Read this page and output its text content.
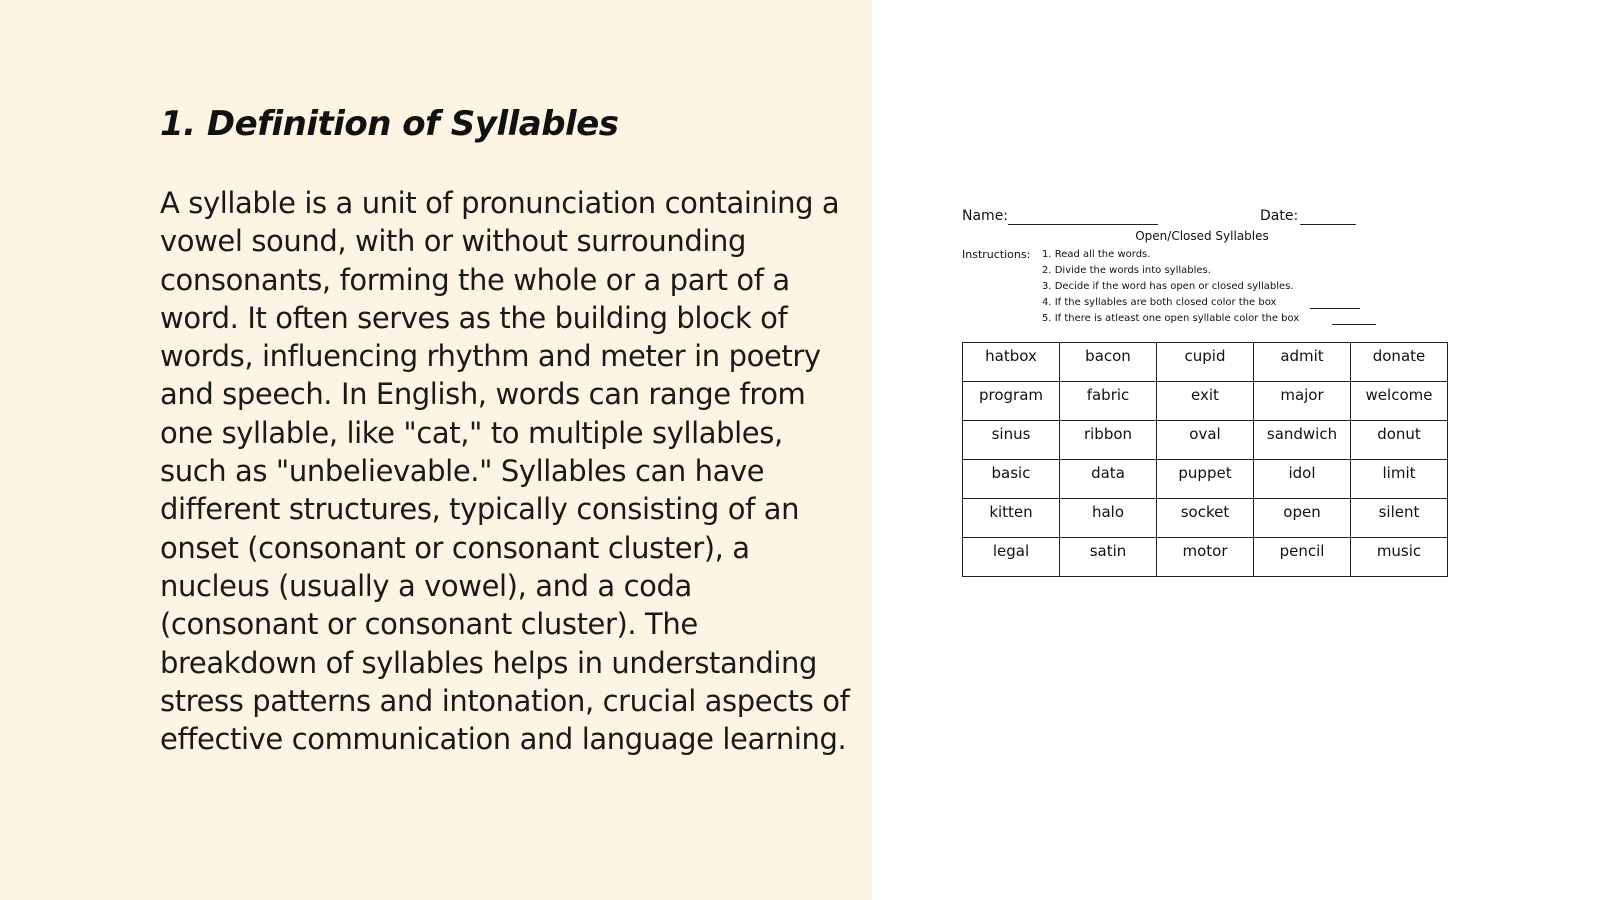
1. Definition of Syllables

A syllable is a unit of pronunciation containing a vowel sound, with or without surrounding consonants, forming the whole or a part of a word. It often serves as the building block of words, influencing rhythm and meter in poetry and speech. In English, words can range from one syllable, like "cat," to multiple syllables, such as "unbelievable." Syllables can have different structures, typically consisting of an onset (consonant or consonant cluster), a nucleus (usually a vowel), and a coda (consonant or consonant cluster). The breakdown of syllables helps in understanding stress patterns and intonation, crucial aspects of effective communication and language learning.

Name:	Date:
Open/Closed Syllables
Instructions: 1. Read all the words.
2. Divide the words into syllables.
3. Decide if the word has open or closed syllables.
4. If the syllables are both closed color the box
5. If there is atleast one open syllable color the box
hatbox	bacon	cupid	admit	donate
program	fabric	exit	major	welcome
sinus	ribbon	oval	sandwich	donut
basic	data	puppet	idol	limit
kitten	halo	socket	open	silent
legal	satin	motor	pencil	music
